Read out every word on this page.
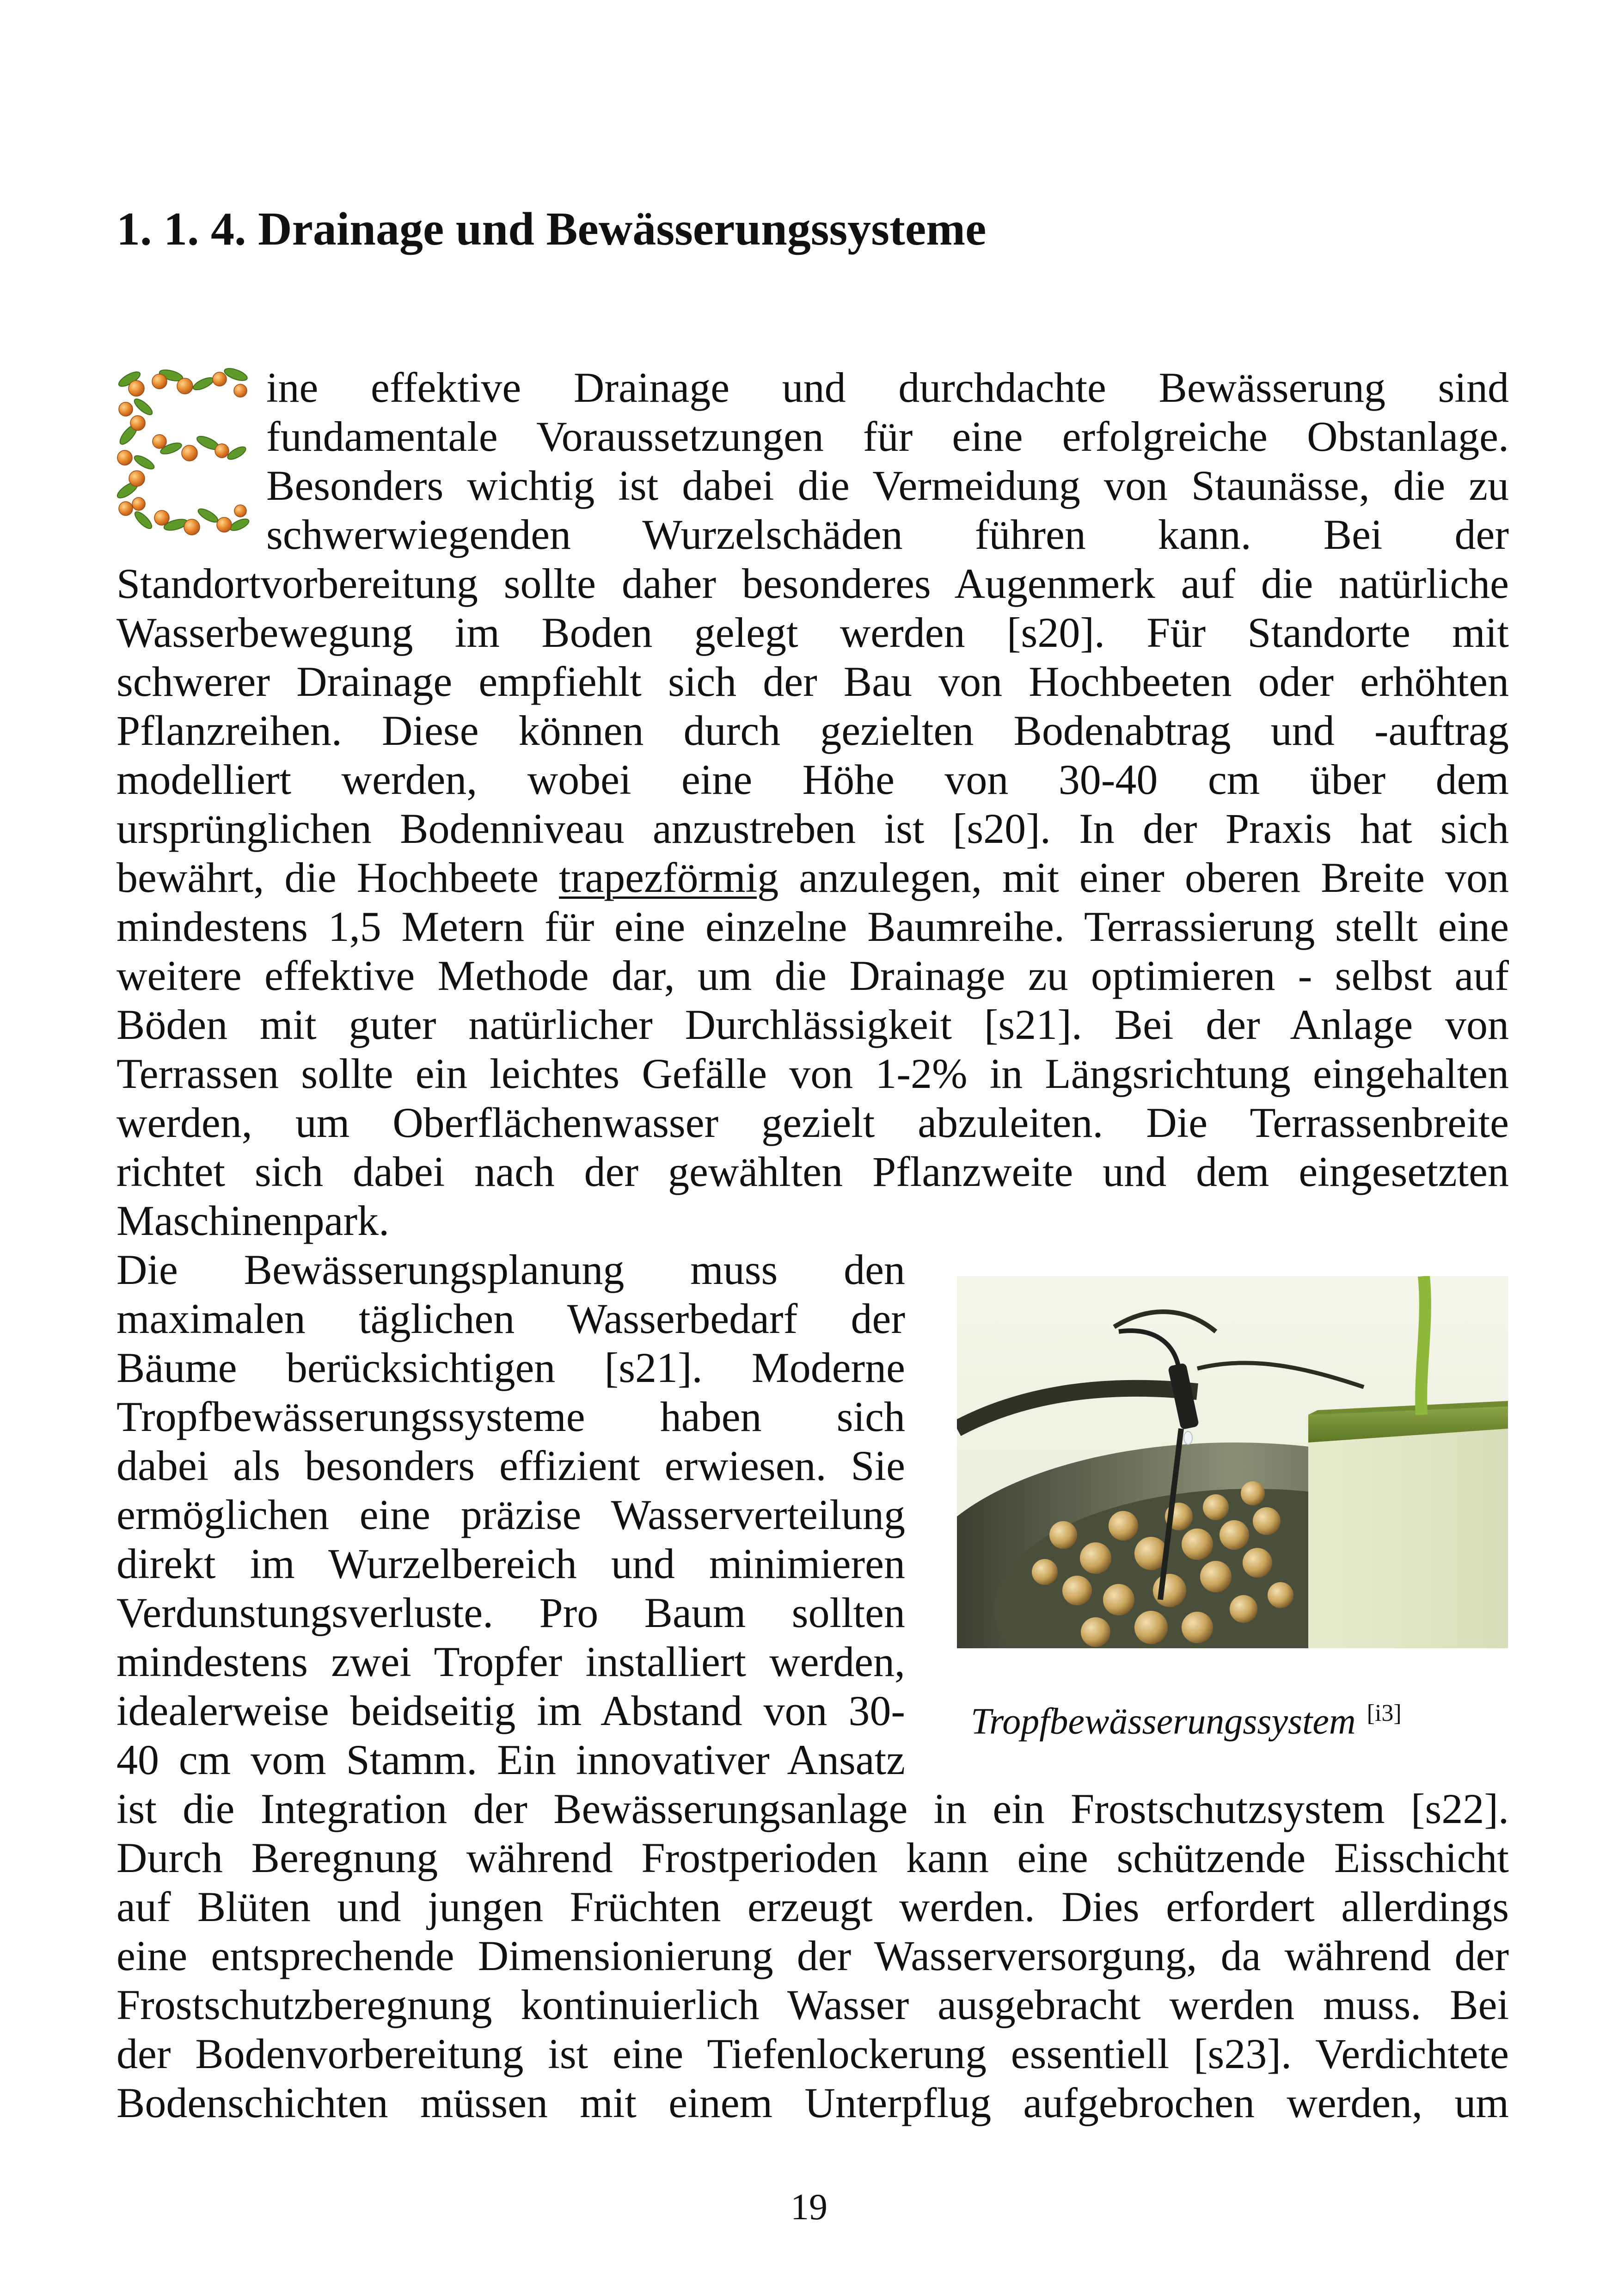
1. 1. 4. Drainage und Bewässerungssysteme
ine effektive Drainage und durchdachte Bewässerung sind
fundamentale Voraussetzungen für eine erfolgreiche Obstanlage.
Besonders wichtig ist dabei die Vermeidung von Staunässe, die zu
schwerwiegenden Wurzelschäden führen kann. Bei der
Standortvorbereitung sollte daher besonderes Augenmerk auf die natürliche
Wasserbewegung im Boden gelegt werden [s20]. Für Standorte mit
schwerer Drainage empfiehlt sich der Bau von Hochbeeten oder erhöhten
Pflanzreihen. Diese können durch gezielten Bodenabtrag und -auftrag
modelliert werden, wobei eine Höhe von 30-40 cm über dem
ursprünglichen Bodenniveau anzustreben ist [s20]. In der Praxis hat sich
bewährt, die Hochbeete trapezförmig anzulegen, mit einer oberen Breite von
mindestens 1,5 Metern für eine einzelne Baumreihe. Terrassierung stellt eine
weitere effektive Methode dar, um die Drainage zu optimieren - selbst auf
Böden mit guter natürlicher Durchlässigkeit [s21]. Bei der Anlage von
Terrassen sollte ein leichtes Gefälle von 1-2% in Längsrichtung eingehalten
werden, um Oberflächenwasser gezielt abzuleiten. Die Terrassenbreite
richtet sich dabei nach der gewählten Pflanzweite und dem eingesetzten
Maschinenpark.
Die Bewässerungsplanung muss den
maximalen täglichen Wasserbedarf der
Bäume berücksichtigen [s21]. Moderne
Tropfbewässerungssysteme haben sich
dabei als besonders effizient erwiesen. Sie
ermöglichen eine präzise Wasserverteilung
direkt im Wurzelbereich und minimieren
Verdunstungsverluste. Pro Baum sollten
mindestens zwei Tropfer installiert werden,
idealerweise beidseitig im Abstand von 30-
40 cm vom Stamm. Ein innovativer Ansatz
ist die Integration der Bewässerungsanlage in ein Frostschutzsystem [s22].
Durch Beregnung während Frostperioden kann eine schützende Eisschicht
auf Blüten und jungen Früchten erzeugt werden. Dies erfordert allerdings
eine entsprechende Dimensionierung der Wasserversorgung, da während der
Frostschutzberegnung kontinuierlich Wasser ausgebracht werden muss. Bei
der Bodenvorbereitung ist eine Tiefenlockerung essentiell [s23]. Verdichtete
Bodenschichten müssen mit einem Unterpflug aufgebrochen werden, um
Tropfbewässerungssystem [i3]
19
